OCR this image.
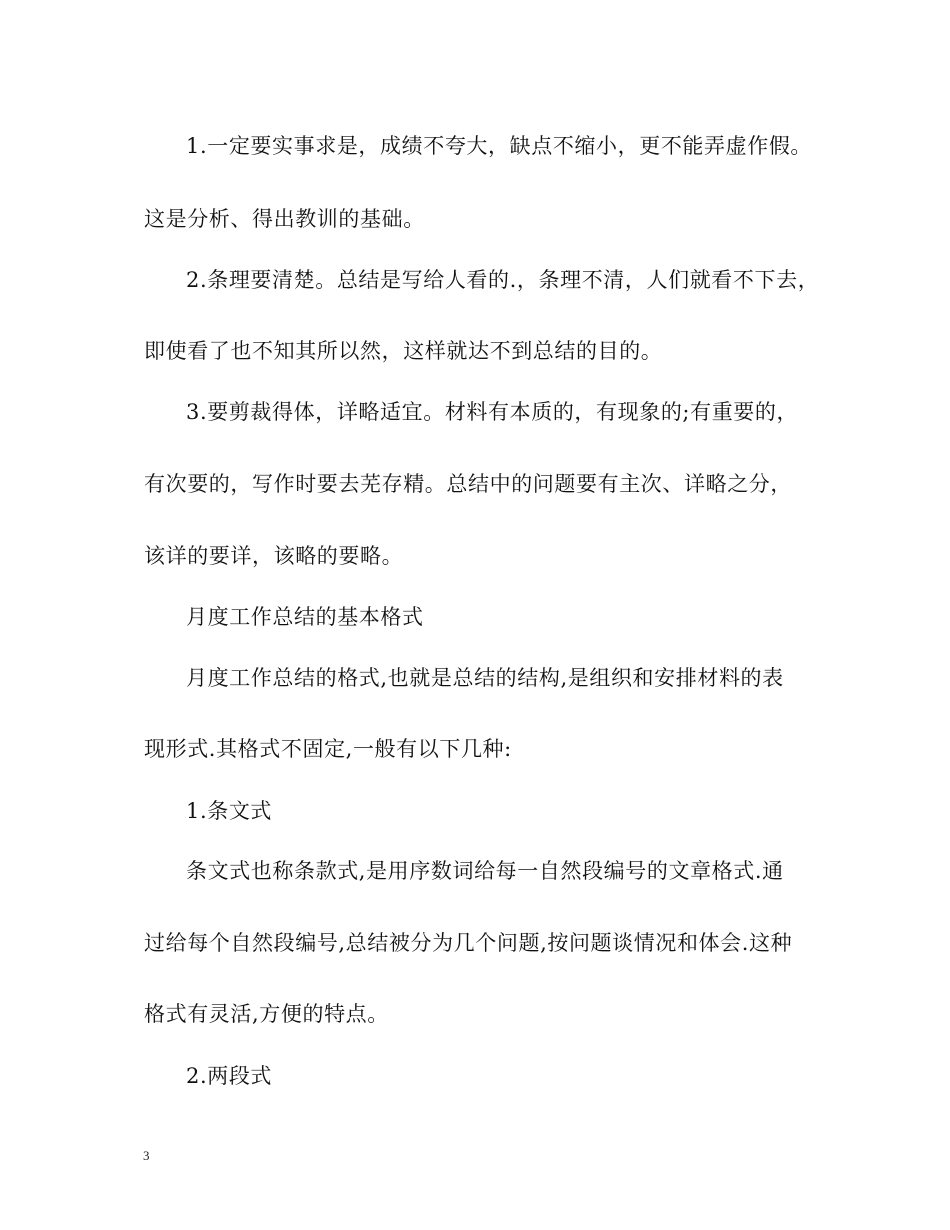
1.一定要实事求是，成绩不夸大，缺点不缩小，更不能弄虚作假。
这是分析、得出教训的基础。
2.条理要清楚。总结是写给人看的.，条理不清，人们就看不下去，
即使看了也不知其所以然，这样就达不到总结的目的。
3.要剪裁得体，详略适宜。材料有本质的，有现象的;有重要的，
有次要的，写作时要去芜存精。总结中的问题要有主次、详略之分，
该详的要详，该略的要略。
月度工作总结的基本格式
月度工作总结的格式,也就是总结的结构,是组织和安排材料的表
现形式.其格式不固定,一般有以下几种:
1.条文式
条文式也称条款式,是用序数词给每一自然段编号的文章格式.通
过给每个自然段编号,总结被分为几个问题,按问题谈情况和体会.这种
格式有灵活,方便的特点。
2.两段式
3
